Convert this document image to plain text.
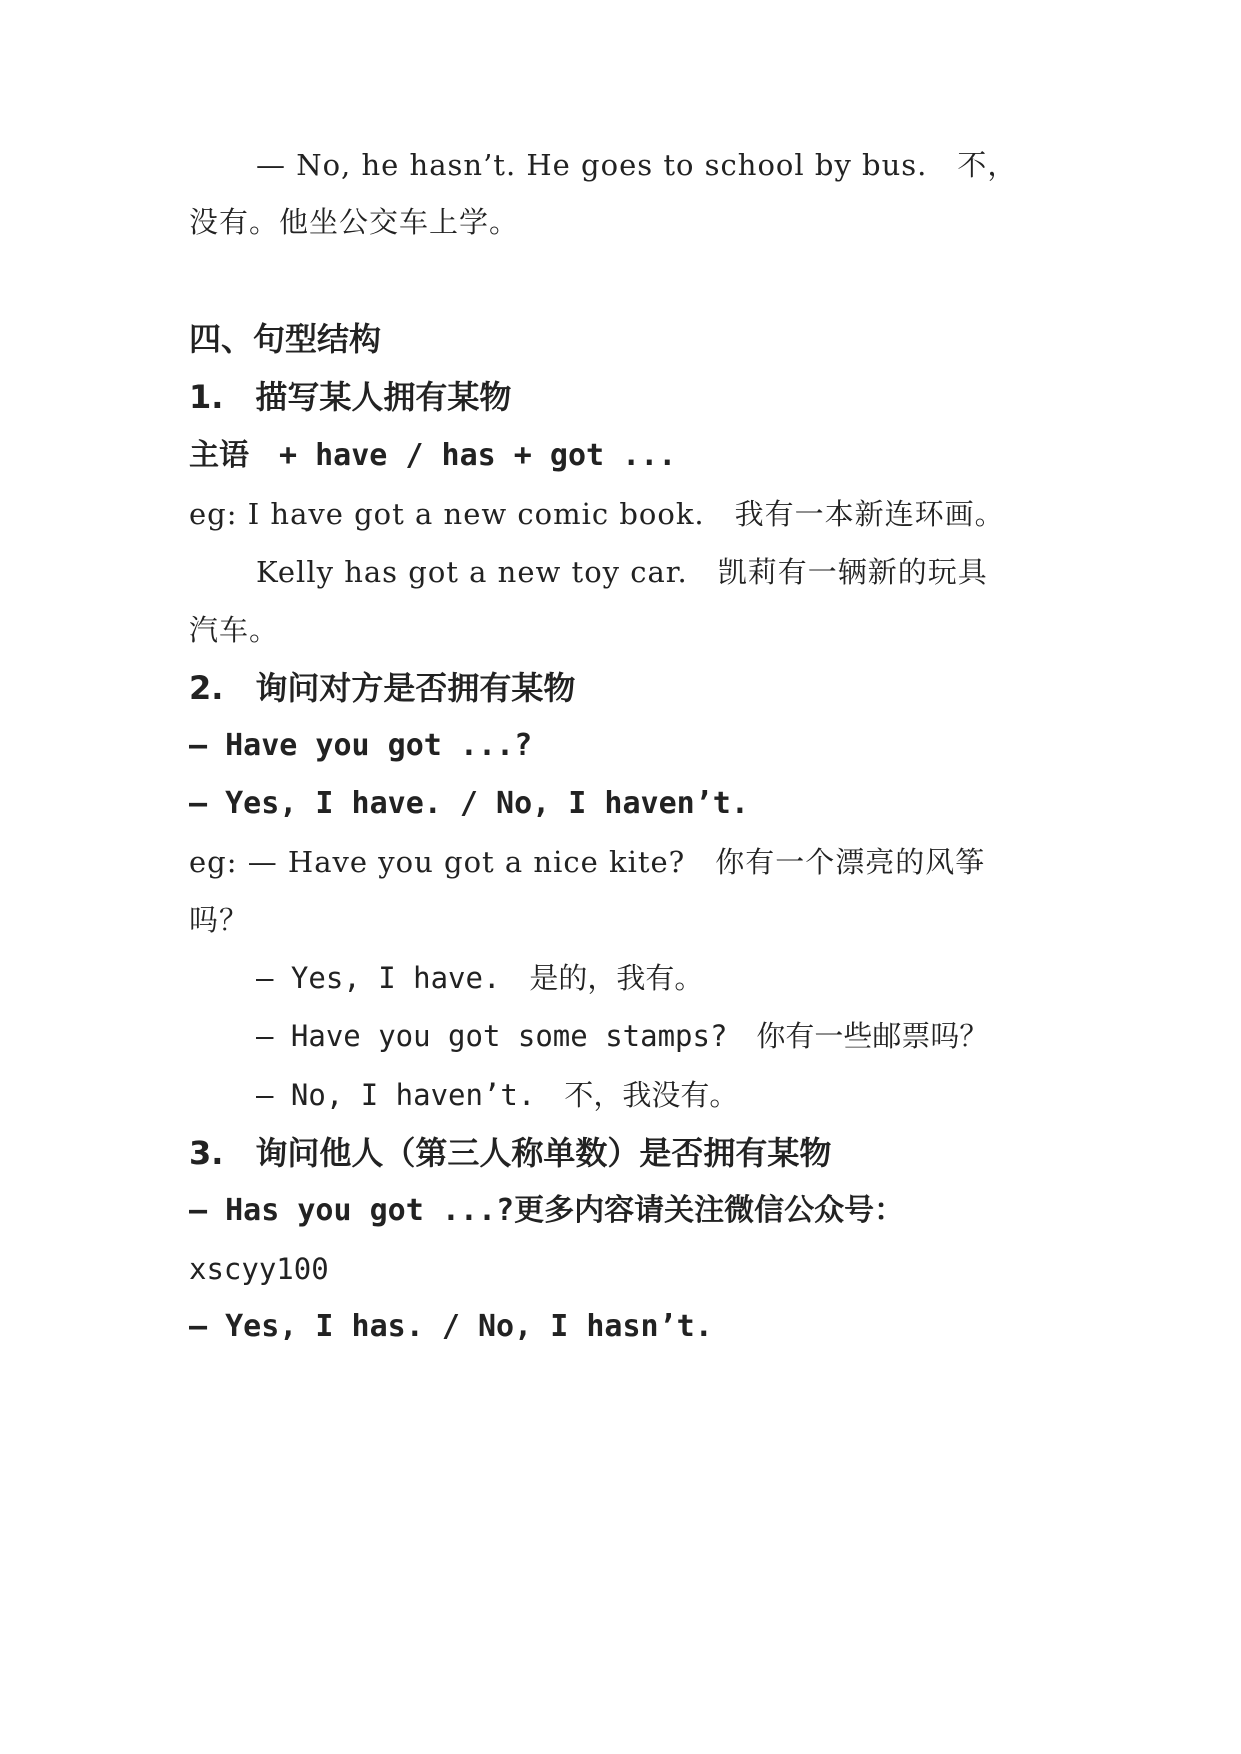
— No, he hasn’t. He goes to school by bus.　不，
没有。他坐公交车上学。
四、句型结构
1.　描写某人拥有某物
主语　+ have / has + got ...
eg: I have got a new comic book.　我有一本新连环画。
Kelly has got a new toy car.　凯莉有一辆新的玩具
汽车。
2.　询问对方是否拥有某物
— Have you got ...?
— Yes, I have. / No, I haven’t.
eg: — Have you got a nice kite?　你有一个漂亮的风筝
吗？
— Yes, I have.　是的，我有。
— Have you got some stamps?　你有一些邮票吗？
— No, I haven’t.　不，我没有。
3.　询问他人（第三人称单数）是否拥有某物
— Has you got ...?更多内容请关注微信公众号：
xscyy100
— Yes, I has. / No, I hasn’t.
